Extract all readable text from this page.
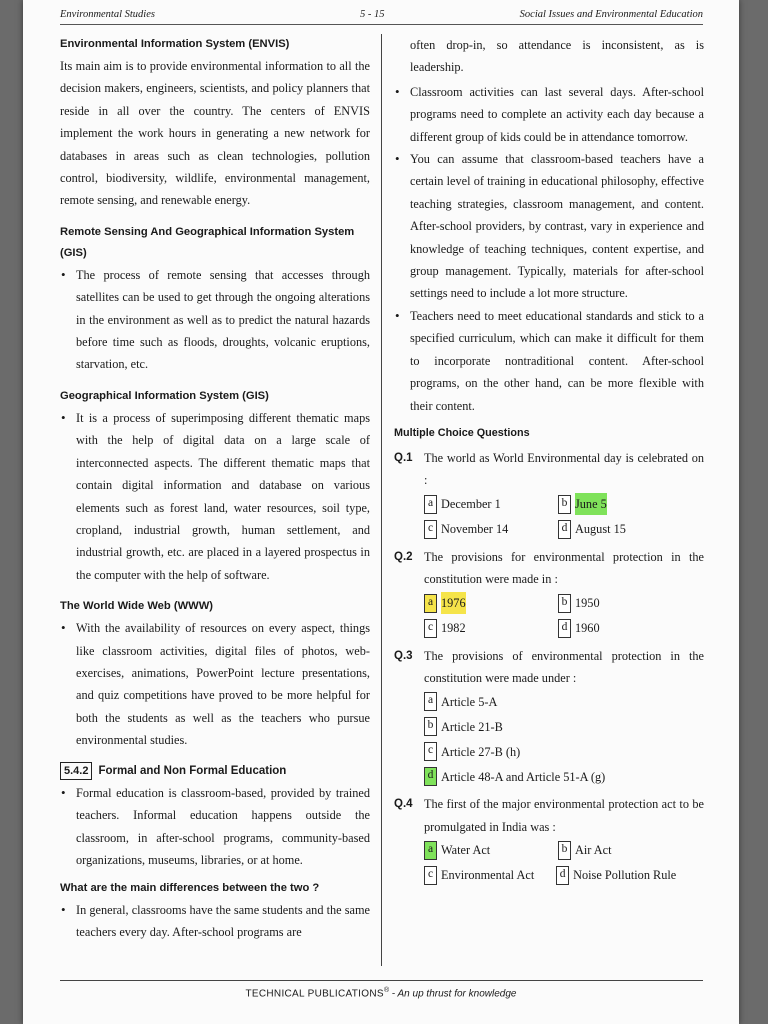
Environmental Studies	5 - 15	Social Issues and Environmental Education
Environmental Information System (ENVIS)

Its main aim is to provide environmental information to all the decision makers, engineers, scientists, and policy planners that reside in all over the country. The centers of ENVIS implement the work hours in generating a new network for databases in areas such as clean technologies, pollution control, biodiversity, wildlife, environmental management, remote sensing, and renewable energy.

Remote Sensing And Geographical Information System (GIS)
• The process of remote sensing that accesses through satellites can be used to get through the ongoing alterations in the environment as well as to predict the natural hazards before time such as floods, droughts, volcanic eruptions, starvation, etc.
Geographical Information System (GIS)
• It is a process of superimposing different thematic maps with the help of digital data on a large scale of interconnected aspects. The different thematic maps that contain digital information and database on various elements such as forest land, water resources, soil type, cropland, industrial growth, human settlement, and industrial growth, etc. are placed in a layered prospectus in the computer with the help of software.
The World Wide Web (WWW)
• With the availability of resources on every aspect, things like classroom activities, digital files of photos, web-exercises, animations, PowerPoint lecture presentations, and quiz competitions have proved to be more helpful for both the students as well as the teachers who pursue environmental studies.
5.4.2 Formal and Non Formal Education
• Formal education is classroom-based, provided by trained teachers. Informal education happens outside the classroom, in after-school programs, community-based organizations, museums, libraries, or at home.
What are the main differences between the two ?
• In general, classrooms have the same students and the same teachers every day. After-school programs are

often drop-in, so attendance is inconsistent, as is leadership.

• Classroom activities can last several days. After-school programs need to complete an activity each day because a different group of kids could be in attendance tomorrow.
• You can assume that classroom-based teachers have a certain level of training in educational philosophy, effective teaching strategies, classroom management, and content. After-school providers, by contrast, vary in experience and knowledge of teaching techniques, content expertise, and group management. Typically, materials for after-school settings need to include a lot more structure.
• Teachers need to meet educational standards and stick to a specified curriculum, which can make it difficult for them to incorporate nontraditional content. After-school programs, on the other hand, can be more flexible with their content.
Multiple Choice Questions
Q.1 The world as World Environmental day is celebrated on :
a December 1	b June 5
c November 14	d August 15
Q.2 The provisions for environmental protection in the constitution were made in :
a 1976	b 1950
c 1982	d 1960
Q.3 The provisions of environmental protection in the constitution were made under :
a Article 5-A
b Article 21-B
c Article 27-B (h)
d Article 48-A and Article 51-A (g)
Q.4 The first of the major environmental protection act to be promulgated in India was :
a Water Act	b Air Act
c Environmental Act	d Noise Pollution Rule
TECHNICAL PUBLICATIONS® - An up thrust for knowledge
